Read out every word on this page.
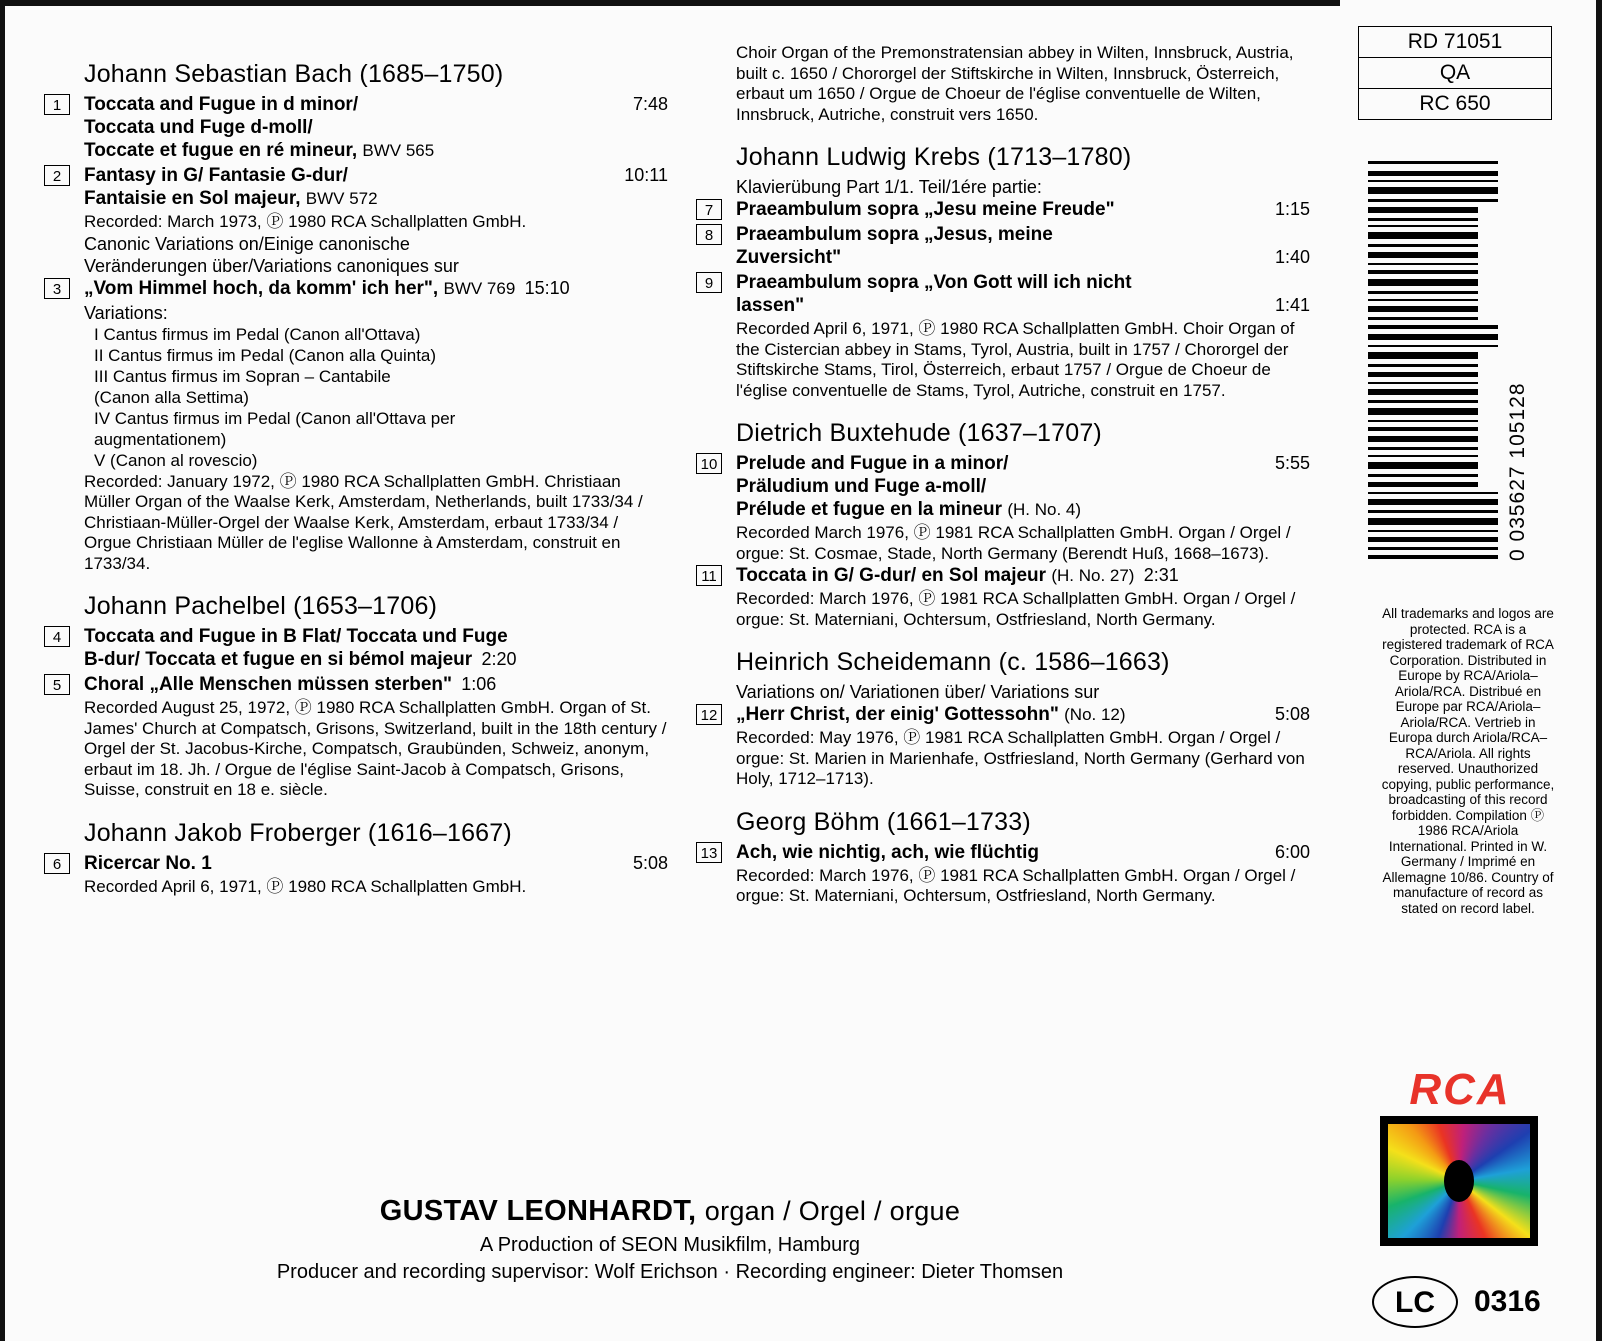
Johann Sebastian Bach (1685–1750)
1	Toccata and Fugue in d minor/
Toccata und Fuge d-moll/
Toccate et fugue en ré mineur, BWV 565
7:48
2	Fantasy in G/ Fantasie G-dur/
Fantaisie en Sol majeur, BWV 572
10:11
Recorded: March 1973, Ⓟ 1980 RCA Schallplatten GmbH.
Canonic Variations on/Einige canonische
Veränderungen über/Variations canoniques sur
3	„Vom Himmel hoch, da komm' ich her", BWV 769 15:10
Variations:
I Cantus firmus im Pedal (Canon all'Ottava)
II Cantus firmus im Pedal (Canon alla Quinta)
III Cantus firmus im Sopran – Cantabile
(Canon alla Settima)
IV Cantus firmus im Pedal (Canon all'Ottava per
augmentationem)
V (Canon al rovescio)
Recorded: January 1972, Ⓟ 1980 RCA Schallplatten GmbH. Christiaan Müller Organ of the Waalse Kerk, Amsterdam, Netherlands, built 1733/34 / Christiaan-Müller-Orgel der Waalse Kerk, Amsterdam, erbaut 1733/34 / Orgue Christiaan Müller de l'eglise Wallonne à Amsterdam, construit en 1733/34.
Johann Pachelbel (1653–1706)
4	Toccata and Fugue in B Flat/ Toccata und Fuge
B-dur/ Toccata et fugue en si bémol majeur 2:20
5	Choral „Alle Menschen müssen sterben" 1:06
Recorded August 25, 1972, Ⓟ 1980 RCA Schallplatten GmbH. Organ of St. James' Church at Compatsch, Grisons, Switzerland, built in the 18th century / Orgel der St. Jacobus-Kirche, Compatsch, Graubünden, Schweiz, anonym, erbaut im 18. Jh. / Orgue de l'église Saint-Jacob à Compatsch, Grisons, Suisse, construit en 18 e. siècle.
Johann Jakob Froberger (1616–1667)
6	Ricercar No. 1	5:08
Recorded April 6, 1971, Ⓟ 1980 RCA Schallplatten GmbH.
Choir Organ of the Premonstratensian abbey in Wilten, Innsbruck, Austria, built c. 1650 / Chororgel der Stiftskirche in Wilten, Innsbruck, Österreich, erbaut um 1650 / Orgue de Choeur de l'église conventuelle de Wilten, Innsbruck, Autriche, construit vers 1650.
Johann Ludwig Krebs (1713–1780)
Klavierübung Part 1/1. Teil/1ére partie:
7	Praeambulum sopra „Jesu meine Freude"	1:15
8	Praeambulum sopra „Jesus, meine
Zuversicht"	1:40
9	Praeambulum sopra „Von Gott will ich nicht
lassen"	1:41
Recorded April 6, 1971, Ⓟ 1980 RCA Schallplatten GmbH. Choir Organ of the Cistercian abbey in Stams, Tyrol, Austria, built in 1757 / Chororgel der Stiftskirche Stams, Tirol, Österreich, erbaut 1757 / Orgue de Choeur de l'église conventuelle de Stams, Tyrol, Autriche, construit en 1757.
Dietrich Buxtehude (1637–1707)
10 Prelude and Fugue in a minor/
Präludium und Fuge a-moll/
Prélude et fugue en la mineur (H. No. 4)
5:55
Recorded March 1976, Ⓟ 1981 RCA Schallplatten GmbH. Organ / Orgel / orgue: St. Cosmae, Stade, North Germany (Berendt Huß, 1668–1673).
11 Toccata in G/ G-dur/ en Sol majeur (H. No. 27) 2:31
Recorded: March 1976, Ⓟ 1981 RCA Schallplatten GmbH. Organ / Orgel / orgue: St. Materniani, Ochtersum, Ostfriesland, North Germany.
Heinrich Scheidemann (c. 1586–1663)
Variations on/ Variationen über/ Variations sur
12 „Herr Christ, der einig' Gottessohn" (No. 12)	5:08
Recorded: May 1976, Ⓟ 1981 RCA Schallplatten GmbH. Organ / Orgel / orgue: St. Marien in Marienhafe, Ostfriesland, North Germany (Gerhard von Holy, 1712–1713).
Georg Böhm (1661–1733)
13 Ach, wie nichtig, ach, wie flüchtig	6:00
Recorded: March 1976, Ⓟ 1981 RCA Schallplatten GmbH. Organ / Orgel / orgue: St. Materniani, Ochtersum, Ostfriesland, North Germany.
RD 71051
QA
RC 650
0 035627 105128
All trademarks and logos are protected. RCA is a registered trademark of RCA Corporation. Distributed in Europe by RCA/Ariola–Ariola/RCA. Distribué en Europe par RCA/Ariola–Ariola/RCA. Vertrieb in Europa durch Ariola/RCA–RCA/Ariola. All rights reserved. Unauthorized copying, public performance, broadcasting of this record forbidden. Compilation Ⓟ 1986 RCA/Ariola International. Printed in W. Germany / Imprimé en Allemagne 10/86. Country of manufacture of record as stated on record label.
RCA
LC	0316
GUSTAV LEONHARDT, organ / Orgel / orgue
A Production of SEON Musikfilm, Hamburg
Producer and recording supervisor: Wolf Erichson · Recording engineer: Dieter Thomsen
